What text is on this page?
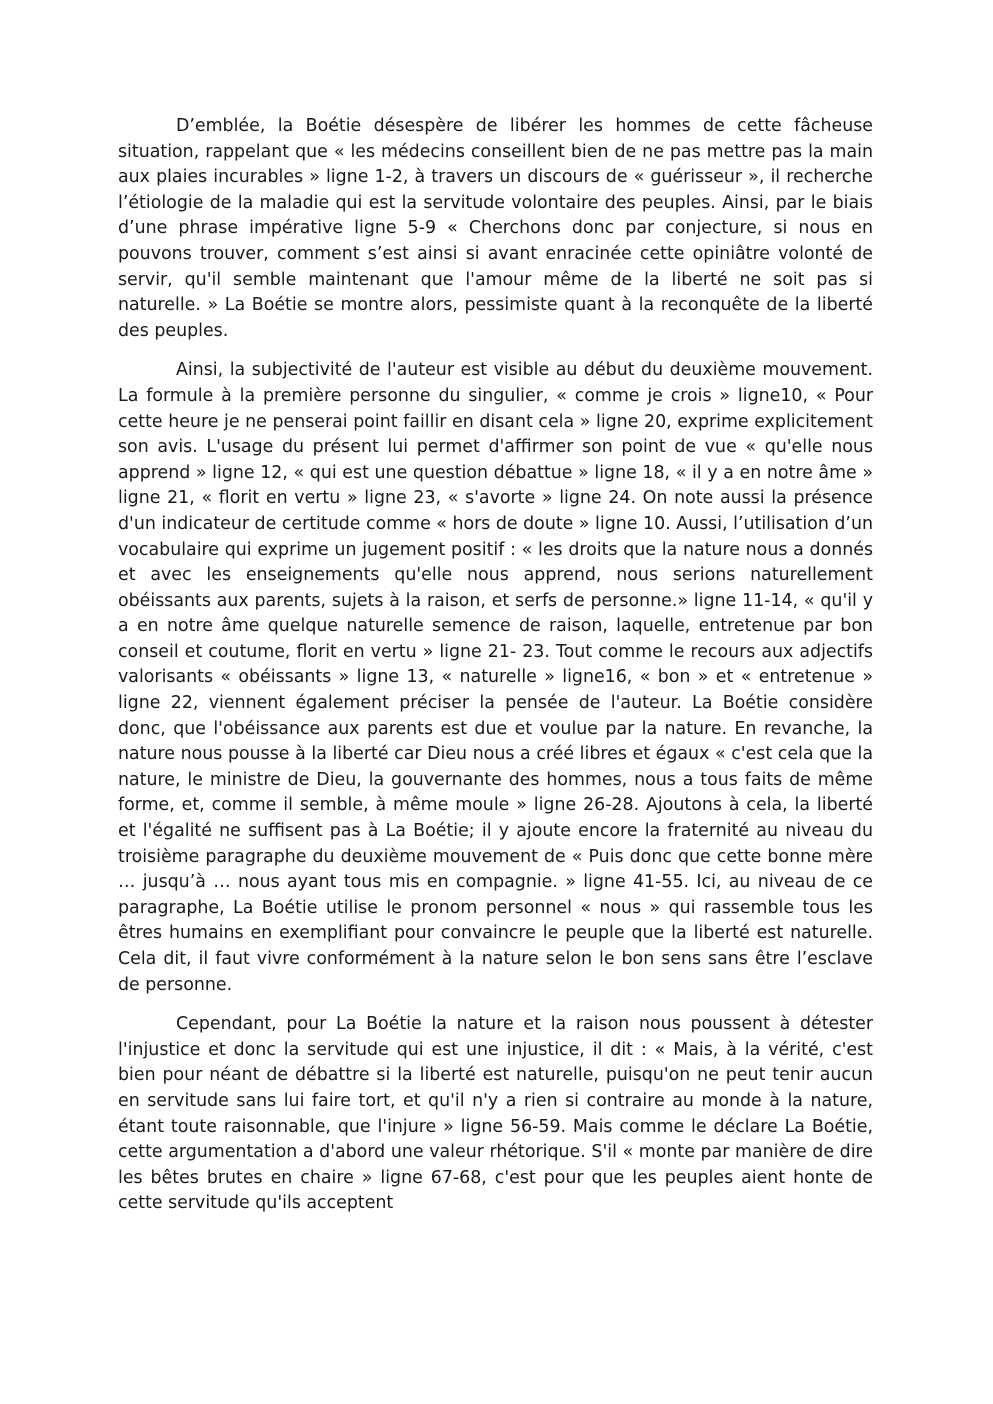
D’emblée, la Boétie désespère de libérer les hommes de cette fâcheuse situation, rappelant que « les médecins conseillent bien de ne pas mettre pas la main aux plaies incurables » ligne 1-2, à travers un discours de « guérisseur », il recherche l’étiologie de la maladie qui est la servitude volontaire des peuples. Ainsi, par le biais d’une phrase impérative ligne 5-9 « Cherchons donc par conjecture, si nous en pouvons trouver, comment s’est ainsi si avant enracinée cette opiniâtre volonté de servir, qu'il semble maintenant que l'amour même de la liberté ne soit pas si naturelle. » La Boétie se montre alors, pessimiste quant à la reconquête de la liberté des peuples.

Ainsi, la subjectivité de l'auteur est visible au début du deuxième mouvement. La formule à la première personne du singulier, « comme je crois » ligne10, « Pour cette heure je ne penserai point faillir en disant cela » ligne 20, exprime explicitement son avis. L'usage du présent lui permet d'affirmer son point de vue « qu'elle nous apprend » ligne 12, « qui est une question débattue » ligne 18, « il y a en notre âme » ligne 21, « florit en vertu » ligne 23, « s'avorte » ligne 24. On note aussi la présence d'un indicateur de certitude comme « hors de doute » ligne 10. Aussi, l’utilisation d’un vocabulaire qui exprime un jugement positif : « les droits que la nature nous a donnés et avec les enseignements qu'elle nous apprend, nous serions naturellement obéissants aux parents, sujets à la raison, et serfs de personne.» ligne 11-14, « qu'il y a en notre âme quelque naturelle semence de raison, laquelle, entretenue par bon conseil et coutume, florit en vertu » ligne 21- 23. Tout comme le recours aux adjectifs valorisants « obéissants » ligne 13, « naturelle » ligne16, « bon » et « entretenue » ligne 22, viennent également préciser la pensée de l'auteur. La Boétie considère donc, que l'obéissance aux parents est due et voulue par la nature. En revanche, la nature nous pousse à la liberté car Dieu nous a créé libres et égaux « c'est cela que la nature, le ministre de Dieu, la gouvernante des hommes, nous a tous faits de même forme, et, comme il semble, à même moule » ligne 26-28. Ajoutons à cela, la liberté et l'égalité ne suffisent pas à La Boétie; il y ajoute encore la fraternité au niveau du troisième paragraphe du deuxième mouvement de « Puis donc que cette bonne mère … jusqu’à … nous ayant tous mis en compagnie. » ligne 41-55. Ici, au niveau de ce paragraphe, La Boétie utilise le pronom personnel « nous » qui rassemble tous les êtres humains en exemplifiant pour convaincre le peuple que la liberté est naturelle. Cela dit, il faut vivre conformément à la nature selon le bon sens sans être l’esclave de personne.

Cependant, pour La Boétie la nature et la raison nous poussent à détester l'injustice et donc la servitude qui est une injustice, il dit : « Mais, à la vérité, c'est bien pour néant de débattre si la liberté est naturelle, puisqu'on ne peut tenir aucun en servitude sans lui faire tort, et qu'il n'y a rien si contraire au monde à la nature, étant toute raisonnable, que l'injure » ligne 56-59. Mais comme le déclare La Boétie, cette argumentation a d'abord une valeur rhétorique. S'il « monte par manière de dire les bêtes brutes en chaire » ligne 67-68, c'est pour que les peuples aient honte de cette servitude qu'ils acceptent
